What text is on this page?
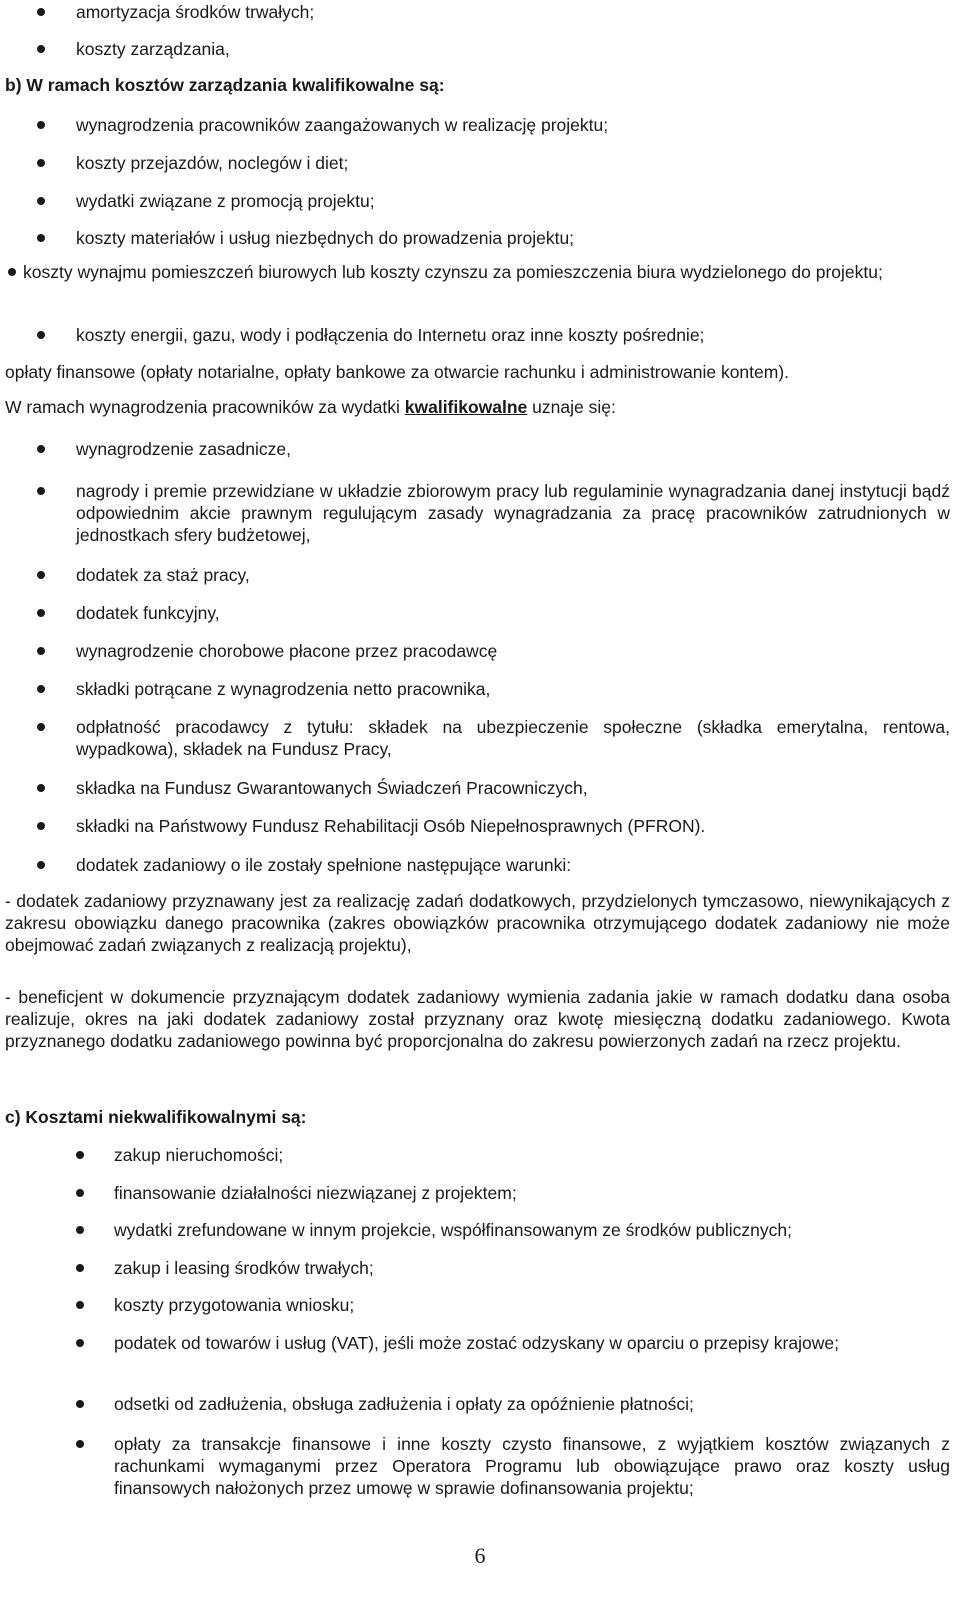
amortyzacja środków trwałych;

koszty zarządzania,

b) W ramach kosztów zarządzania kwalifikowalne są:

wynagrodzenia pracowników zaangażowanych w realizację projektu;

koszty przejazdów, noclegów i diet;

wydatki związane z promocją projektu;

koszty materiałów i usług niezbędnych do prowadzenia projektu;

koszty wynajmu pomieszczeń biurowych lub koszty czynszu za pomieszczenia biura wydzielonego do projektu;

koszty energii, gazu, wody i podłączenia do Internetu oraz inne koszty pośrednie;

opłaty finansowe (opłaty notarialne, opłaty bankowe za otwarcie rachunku i administrowanie kontem).

W ramach wynagrodzenia pracowników za wydatki kwalifikowalne uznaje się:

wynagrodzenie zasadnicze,

nagrody i premie przewidziane w układzie zbiorowym pracy lub regulaminie wynagradzania danej instytucji bądź odpowiednim akcie prawnym regulującym zasady wynagradzania za pracę pracowników zatrudnionych w jednostkach sfery budżetowej,

dodatek za staż pracy,

dodatek funkcyjny,

wynagrodzenie chorobowe płacone przez pracodawcę

składki potrącane z wynagrodzenia netto pracownika,

odpłatność pracodawcy z tytułu: składek na ubezpieczenie społeczne (składka emerytalna, rentowa, wypadkowa), składek na Fundusz Pracy,

składka na Fundusz Gwarantowanych Świadczeń Pracowniczych,

składki na Państwowy Fundusz Rehabilitacji Osób Niepełnosprawnych (PFRON).

dodatek zadaniowy o ile zostały spełnione następujące warunki:

- dodatek zadaniowy przyznawany jest za realizację zadań dodatkowych, przydzielonych tymczasowo, niewynikających z zakresu obowiązku danego pracownika (zakres obowiązków pracownika otrzymującego dodatek zadaniowy nie może obejmować zadań związanych z realizacją projektu),

- beneficjent w dokumencie przyznającym dodatek zadaniowy wymienia zadania jakie w ramach dodatku dana osoba realizuje, okres na jaki dodatek zadaniowy został przyznany oraz kwotę miesięczną dodatku zadaniowego. Kwota przyznanego dodatku zadaniowego powinna być proporcjonalna do zakresu powierzonych zadań na rzecz projektu.

c) Kosztami niekwalifikowalnymi są:

zakup nieruchomości;

finansowanie działalności niezwiązanej z projektem;

wydatki zrefundowane w innym projekcie, współfinansowanym ze środków publicznych;

zakup i leasing środków trwałych;

koszty przygotowania wniosku;

podatek od towarów i usług (VAT), jeśli może zostać odzyskany w oparciu o przepisy krajowe;

odsetki od zadłużenia, obsługa zadłużenia i opłaty za opóźnienie płatności;

opłaty za transakcje finansowe i inne koszty czysto finansowe, z wyjątkiem kosztów związanych z rachunkami wymaganymi przez Operatora Programu lub obowiązujące prawo oraz koszty usług finansowych nałożonych przez umowę w sprawie dofinansowania projektu;

6
